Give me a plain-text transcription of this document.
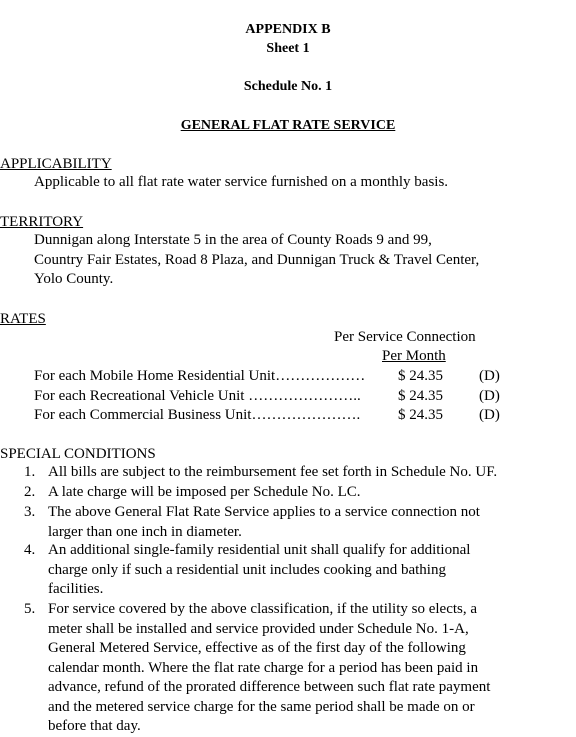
APPENDIX B
Sheet 1
Schedule No. 1
GENERAL FLAT RATE SERVICE
APPLICABILITY
Applicable to all flat rate water service furnished on a monthly basis.
TERRITORY
Dunnigan along Interstate 5 in the area of County Roads 9 and 99,
Country Fair Estates, Road 8 Plaza, and Dunnigan Truck & Travel Center,
Yolo County.
RATES
Per Service Connection
Per Month
For each Mobile Home Residential Unit……………… $ 24.35 (D)
For each Recreational Vehicle Unit ………………….. $ 24.35 (D)
For each Commercial Business Unit………………….	$ 24.35 (D)
SPECIAL CONDITIONS
1. All bills are subject to the reimbursement fee set forth in Schedule No. UF.
2. A late charge will be imposed per Schedule No. LC.
3. The above General Flat Rate Service applies to a service connection not
larger than one inch in diameter.
4. An additional single-family residential unit shall qualify for additional
charge only if such a residential unit includes cooking and bathing
facilities.
5. For service covered by the above classification, if the utility so elects, a
meter shall be installed and service provided under Schedule No. 1-A,
General Metered Service, effective as of the first day of the following
calendar month. Where the flat rate charge for a period has been paid in
advance, refund of the prorated difference between such flat rate payment
and the metered service charge for the same period shall be made on or
before that day.
